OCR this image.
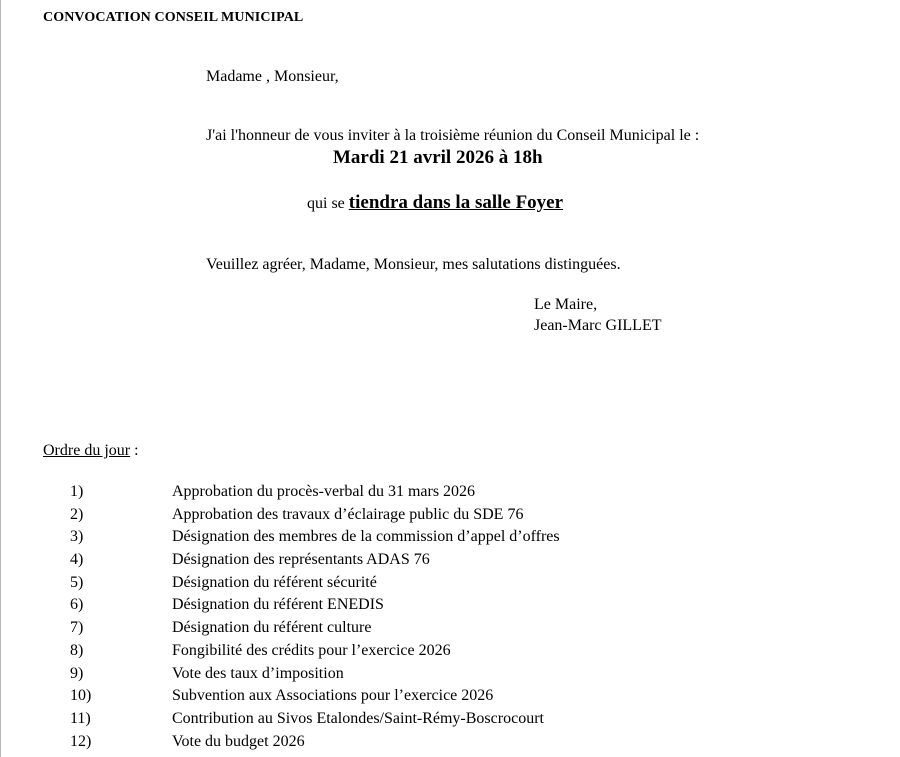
CONVOCATION CONSEIL MUNICIPAL
Madame , Monsieur,
J'ai l'honneur de vous inviter à la troisième réunion du Conseil Municipal le :
Mardi 21 avril 2026 à 18h
qui se tiendra dans la salle Foyer
Veuillez agréer, Madame, Monsieur, mes salutations distinguées.
Le Maire,
Jean-Marc GILLET
Ordre du jour :
1)	Approbation du procès-verbal du 31 mars 2026
2)	Approbation des travaux d’éclairage public du SDE 76
3)	Désignation des membres de la commission d’appel d’offres
4)	Désignation des représentants ADAS 76
5)	Désignation du référent sécurité
6)	Désignation du référent ENEDIS
7)	Désignation du référent culture
8)	Fongibilité des crédits pour l’exercice 2026
9)	Vote des taux d’imposition
10)	Subvention aux Associations pour l’exercice 2026
11)	Contribution au Sivos Etalondes/Saint-Rémy-Boscrocourt
12)	Vote du budget 2026
